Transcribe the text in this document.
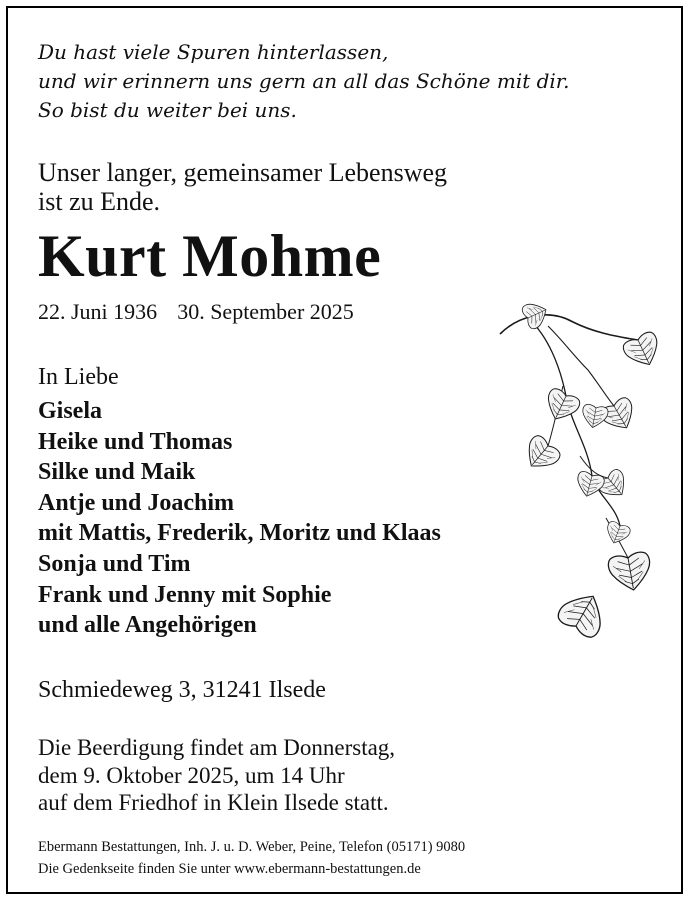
Du hast viele Spuren hinterlassen,
und wir erinnern uns gern an all das Schöne mit dir.
So bist du weiter bei uns.
Unser langer, gemeinsamer Lebensweg
ist zu Ende.
Kurt Mohme
22. Juni 1936 30. September 2025
In Liebe
Gisela
Heike und Thomas
Silke und Maik
Antje und Joachim
mit Mattis, Frederik, Moritz und Klaas
Sonja und Tim
Frank und Jenny mit Sophie
und alle Angehörigen
Schmiedeweg 3, 31241 Ilsede
Die Beerdigung findet am Donnerstag,
dem 9. Oktober 2025, um 14 Uhr
auf dem Friedhof in Klein Ilsede statt.
Ebermann Bestattungen, Inh. J. u. D. Weber, Peine, Telefon (05171) 9080
Die Gedenkseite finden Sie unter www.ebermann-bestattungen.de
